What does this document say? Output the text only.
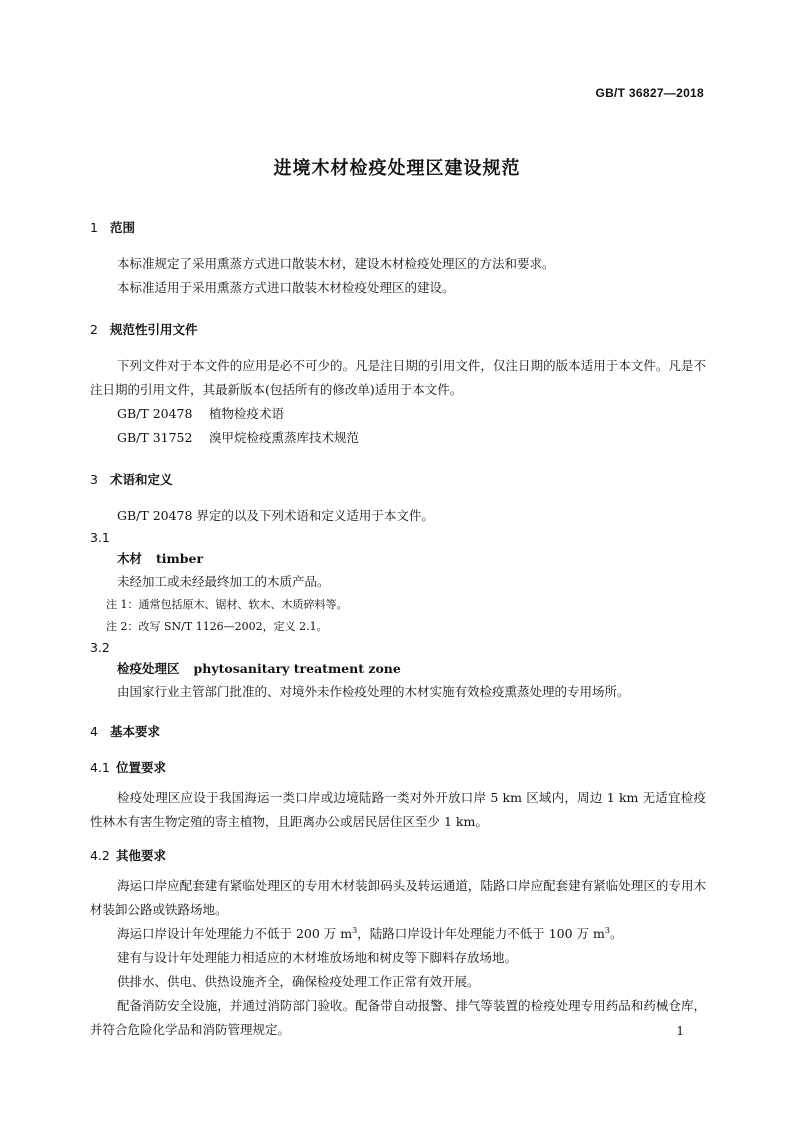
GB/T 36827—2018
进境木材检疫处理区建设规范

1 范围

本标准规定了采用熏蒸方式进口散装木材，建设木材检疫处理区的方法和要求。

本标准适用于采用熏蒸方式进口散装木材检疫处理区的建设。

2 规范性引用文件

下列文件对于本文件的应用是必不可少的。凡是注日期的引用文件，仅注日期的版本适用于本文件。凡是不注日期的引用文件，其最新版本(包括所有的修改单)适用于本文件。

GB/T 20478 植物检疫术语

GB/T 31752 溴甲烷检疫熏蒸库技术规范

3 术语和定义

GB/T 20478 界定的以及下列术语和定义适用于本文件。

3.1

木材 timber

未经加工或未经最终加工的木质产品。

注 1：通常包括原木、锯材、软木、木质碎料等。

注 2：改写 SN/T 1126—2002，定义 2.1。

3.2

检疫处理区 phytosanitary treatment zone

由国家行业主管部门批准的、对境外未作检疫处理的木材实施有效检疫熏蒸处理的专用场所。

4 基本要求

4.1 位置要求

检疫处理区应设于我国海运一类口岸或边境陆路一类对外开放口岸 5 km 区域内，周边 1 km 无适宜检疫性林木有害生物定殖的寄主植物，且距离办公或居民居住区至少 1 km。

4.2 其他要求

海运口岸应配套建有紧临处理区的专用木材装卸码头及转运通道，陆路口岸应配套建有紧临处理区的专用木材装卸公路或铁路场地。

海运口岸设计年处理能力不低于 200 万 $m^3$，陆路口岸设计年处理能力不低于 100 万 $m^3$。

建有与设计年处理能力相适应的木材堆放场地和树皮等下脚料存放场地。

供排水、供电、供热设施齐全，确保检疫处理工作正常有效开展。

配备消防安全设施，并通过消防部门验收。配备带自动报警、排气等装置的检疫处理专用药品和药械仓库，并符合危险化学品和消防管理规定。	1
